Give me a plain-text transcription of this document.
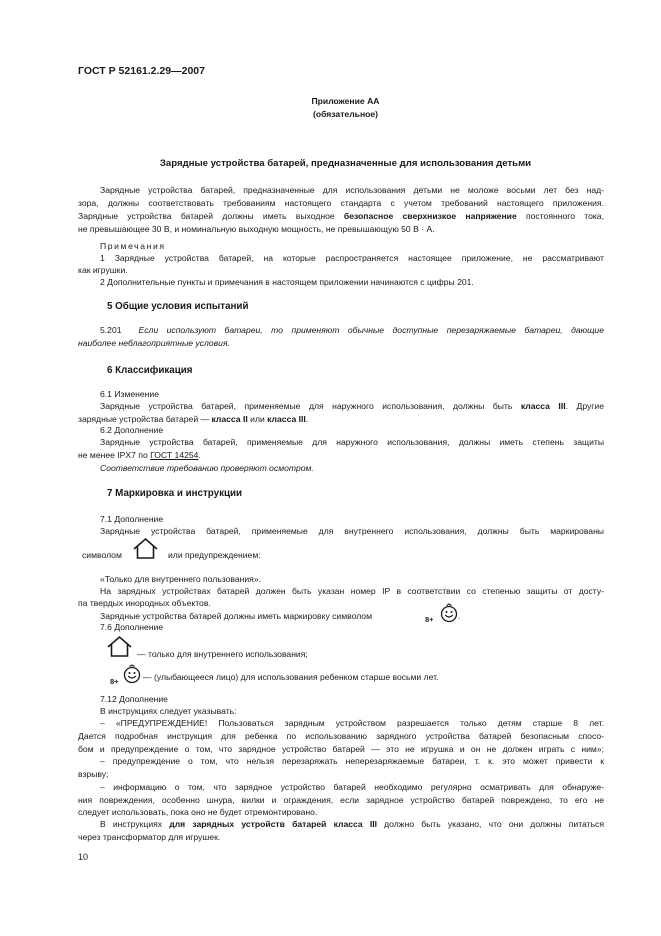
ГОСТ Р 52161.2.29—2007
Приложение АА
(обязательное)
Зарядные устройства батарей, предназначенные для использования детьми
Зарядные устройства батарей, предназначенные для использования детьми не моложе восьми лет без над-
зора, должны соответствовать требованиям настоящего стандарта с учетом требований настоящего приложения.
Зарядные устройства батарей должны иметь выходное безопасное сверхнизкое напряжение постоянного тока,
не превышающее 30 В, и номинальную выходную мощность, не превышающую 50 В · А.
Примечания
1 Зарядные устройства батарей, на которые распространяется настоящее приложение, не рассматривают
как игрушки.
2 Дополнительные пункты и примечания в настоящем приложении начинаются с цифры 201.
5 Общие условия испытаний
5.201 Если используют батареи, то применяют обычные доступные перезаряжаемые батареи, дающие
наиболее неблагоприятные условия.
6 Классификация
6.1 Изменение
Зарядные устройства батарей, применяемые для наружного использования, должны быть класса III. Другие
зарядные устройства батарей — класса II или класса III.
6.2 Дополнение
Зарядные устройства батарей, применяемые для наружного использования, должны иметь степень защиты
не менее IPX7 по ГОСТ 14254.
Соответствие требованию проверяют осмотром.
7 Маркировка и инструкции
7.1 Дополнение
Зарядные устройства батарей, применяемые для внутреннего использования, должны быть маркированы
символом	или предупреждением:
«Только для внутреннего пользования».
На зарядных устройствах батарей должен быть указан номер IP в соответствии со степенью защиты от досту-
па твердых инородных объектов.
Зарядные устройства батарей должны иметь маркировку символом	8+	.
7.6 Дополнение
— только для внутреннего использования;
8+	— (улыбающееся лицо) для использования ребенком старше восьми лет.
7.12 Дополнение
В инструкциях следует указывать:
– «ПРЕДУПРЕЖДЕНИЕ! Пользоваться зарядным устройством разрешается только детям старше 8 лет.
Дается подробная инструкция для ребенка по использованию зарядного устройства батарей безопасным спосо-
бом и предупреждение о том, что зарядное устройство батарей — это не игрушка и он не должен играть с ним»;
– предупреждение о том, что нельзя перезаряжать неперезаряжаемые батареи, т. к. это может привести к
взрыву;
– информацию о том, что зарядное устройство батарей необходимо регулярно осматривать для обнаруже-
ния повреждения, особенно шнура, вилки и ограждения, если зарядное устройство батарей повреждено, то его не
следует использовать, пока оно не будет отремонтировано.
В инструкциях для зарядных устройств батарей класса III должно быть указано, что они должны питаться
через трансформатор для игрушек.
10
